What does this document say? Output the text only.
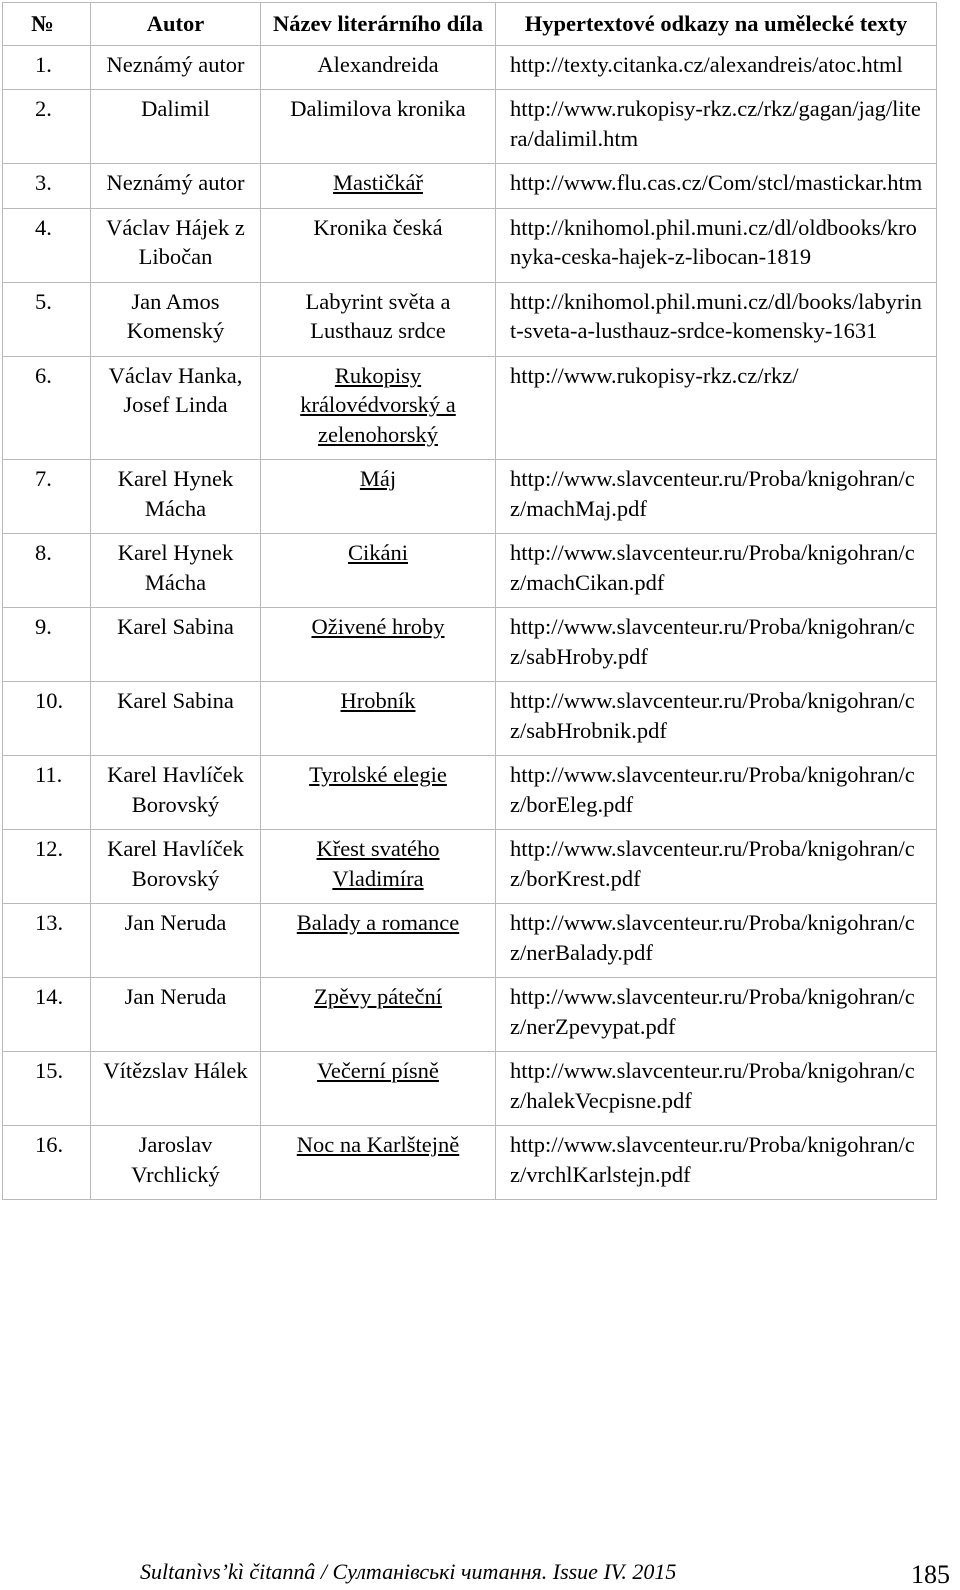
№	Autor	Název literárního díla	Hypertextové odkazy na umělecké texty
1.	Neznámý autor	Alexandreida	http://texty.citanka.cz/alexandreis/atoc.html
2.	Dalimil	Dalimilova kronika	http://www.rukopisy-rkz.cz/rkz/gagan/jag/litera/dalimil.htm
3.	Neznámý autor	Mastičkář	http://www.flu.cas.cz/Com/stcl/mastickar.htm
4.	Václav Hájek z Libočan	Kronika česká	http://knihomol.phil.muni.cz/dl/oldbooks/kronyka-ceska-hajek-z-libocan-1819
5.	Jan Amos Komenský	Labyrint světa a Lusthauz srdce	http://knihomol.phil.muni.cz/dl/books/labyrint-sveta-a-lusthauz-srdce-komensky-1631
6.	Václav Hanka, Josef Linda	Rukopisy královédvorský a zelenohorský	http://www.rukopisy-rkz.cz/rkz/
7.	Karel Hynek Mácha	Máj	http://www.slavcenteur.ru/Proba/knigohran/cz/machMaj.pdf
8.	Karel Hynek Mácha	Cikáni	http://www.slavcenteur.ru/Proba/knigohran/cz/machCikan.pdf
9.	Karel Sabina	Oživené hroby	http://www.slavcenteur.ru/Proba/knigohran/cz/sabHroby.pdf
10.	Karel Sabina	Hrobník	http://www.slavcenteur.ru/Proba/knigohran/cz/sabHrobnik.pdf
11.	Karel Havlíček Borovský	Tyrolské elegie	http://www.slavcenteur.ru/Proba/knigohran/cz/borEleg.pdf
12.	Karel Havlíček Borovský	Křest svatého Vladimíra	http://www.slavcenteur.ru/Proba/knigohran/cz/borKrest.pdf
13.	Jan Neruda	Balady a romance	http://www.slavcenteur.ru/Proba/knigohran/cz/nerBalady.pdf
14.	Jan Neruda	Zpěvy páteční	http://www.slavcenteur.ru/Proba/knigohran/cz/nerZpevypat.pdf
15.	Vítězslav Hálek	Večerní písně	http://www.slavcenteur.ru/Proba/knigohran/cz/halekVecpisne.pdf
16.	Jaroslav Vrchlický	Noc na Karlštejně	http://www.slavcenteur.ru/Proba/knigohran/cz/vrchlKarlstejn.pdf
Sultanìvs’kì čitannâ / Султанівські читання. Issue IV. 2015	185
